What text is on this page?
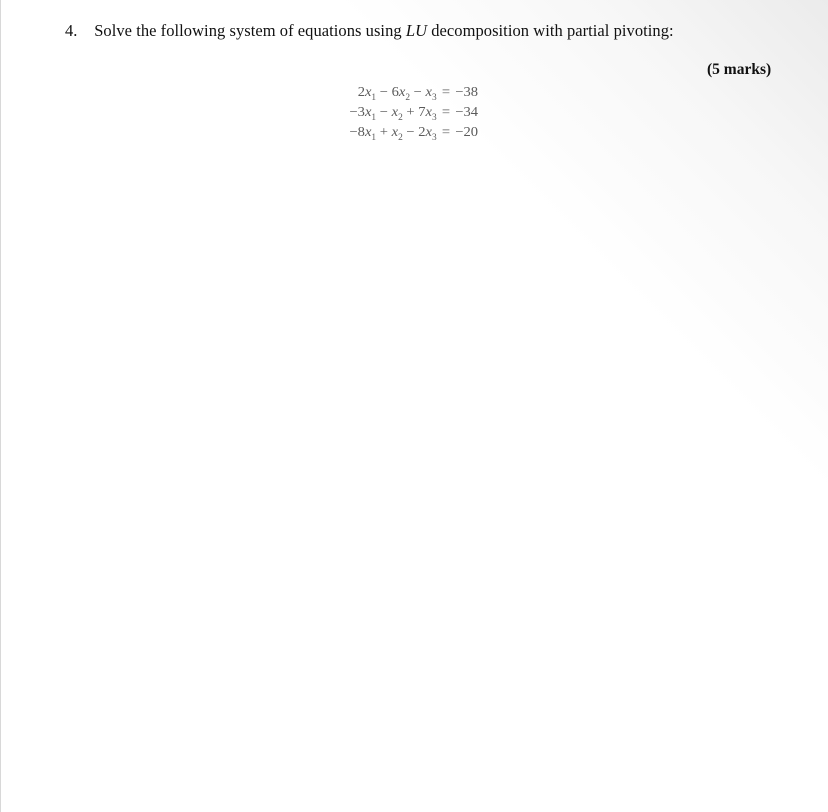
4. Solve the following system of equations using LU decomposition with partial pivoting:
(5 marks)
$2x_1 - 6x_2 - x_3 = -38$
$-3x_1 - x_2 + 7x_3 = -34$
$-8x_1 + x_2 - 2x_3 = -20$
